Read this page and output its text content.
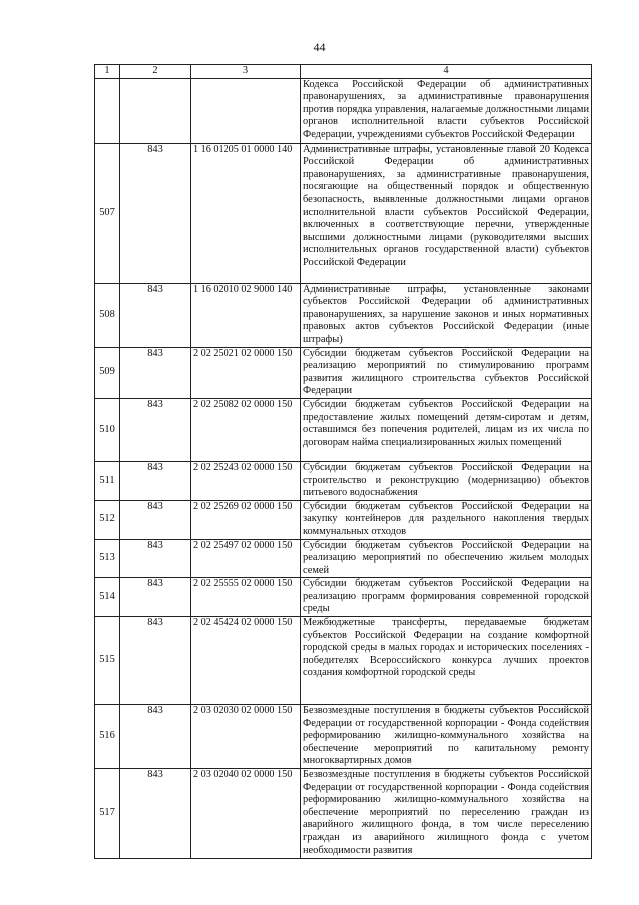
44
1	2	3	4
			Кодекса Российской Федерации об административных правонарушениях, за административные правонарушения против порядка управления, налагаемые должностными лицами органов исполнительной власти субъектов Российской Федерации, учреждениями субъектов Российской Федерации
507	843	1 16 01205 01 0000 140	Административные штрафы, установленные главой 20 Кодекса Российской Федерации об административных правонарушениях, за административные правонарушения, посягающие на общественный порядок и общественную безопасность, выявленные должностными лицами органов исполнительной власти субъектов Российской Федерации, включенных в соответствующие перечни, утвержденные высшими должностными лицами (руководителями высших исполнительных органов государственной власти) субъектов Российской Федерации
508	843	1 16 02010 02 9000 140	Административные штрафы, установленные законами субъектов Российской Федерации об административных правонарушениях, за нарушение законов и иных нормативных правовых актов субъектов Российской Федерации (иные штрафы)
509	843	2 02 25021 02 0000 150	Субсидии бюджетам субъектов Российской Федерации на реализацию мероприятий по стимулированию программ развития жилищного строительства субъектов Российской Федерации
510	843	2 02 25082 02 0000 150	Субсидии бюджетам субъектов Российской Федерации на предоставление жилых помещений детям-сиротам и детям, оставшимся без попечения родителей, лицам из их числа по договорам найма специализированных жилых помещений
511	843	2 02 25243 02 0000 150	Субсидии бюджетам субъектов Российской Федерации на строительство и реконструкцию (модернизацию) объектов питьевого водоснабжения
512	843	2 02 25269 02 0000 150	Субсидии бюджетам субъектов Российской Федерации на закупку контейнеров для раздельного накопления твердых коммунальных отходов
513	843	2 02 25497 02 0000 150	Субсидии бюджетам субъектов Российской Федерации на реализацию мероприятий по обеспечению жильем молодых семей
514	843	2 02 25555 02 0000 150	Субсидии бюджетам субъектов Российской Федерации на реализацию программ формирования современной городской среды
515	843	2 02 45424 02 0000 150	Межбюджетные трансферты, передаваемые бюджетам субъектов Российской Федерации на создание комфортной городской среды в малых городах и исторических поселениях - победителях Всероссийского конкурса лучших проектов создания комфортной городской среды
516	843	2 03 02030 02 0000 150	Безвозмездные поступления в бюджеты субъектов Российской Федерации от государственной корпорации - Фонда содействия реформированию жилищно-коммунального хозяйства на обеспечение мероприятий по капитальному ремонту многоквартирных домов
517	843	2 03 02040 02 0000 150	Безвозмездные поступления в бюджеты субъектов Российской Федерации от государственной корпорации - Фонда содействия реформированию жилищно-коммунального хозяйства на обеспечение мероприятий по переселению граждан из аварийного жилищного фонда, в том числе переселению граждан из аварийного жилищного фонда с учетом необходимости развития
